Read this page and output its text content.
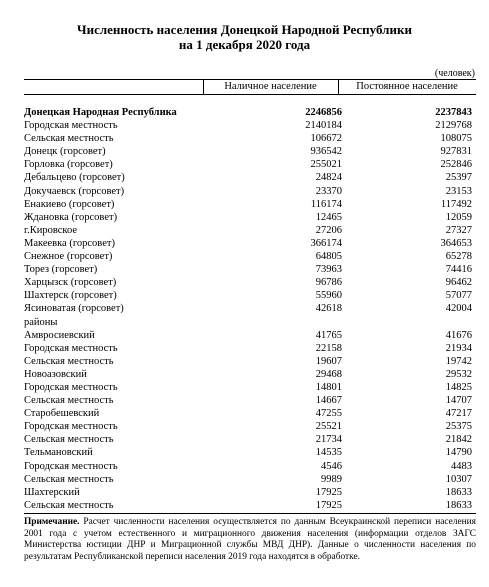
Численность населения Донецкой Народной Республики
на 1 декабря 2020 года
(человек)
Наличное население	Постоянное население
Донецкая Народная Республика	2246856	2237843
Городская местность	2140184	2129768
Сельская местность	106672	108075
Донецк (горсовет)	936542	927831
Горловка (горсовет)	255021	252846
Дебальцево (горсовет)	24824	25397
Докучаевск (горсовет)	23370	23153
Енакиево (горсовет)	116174	117492
Ждановка (горсовет)	12465	12059
г.Кировское	27206	27327
Макеевка (горсовет)	366174	364653
Снежное (горсовет)	64805	65278
Торез (горсовет)	73963	74416
Харцызск (горсовет)	96786	96462
Шахтерск (горсовет)	55960	57077
Ясиноватая (горсовет)	42618	42004
районы
Амвросиевский	41765	41676
Городская местность	22158	21934
Сельская местность	19607	19742
Новоазовский	29468	29532
Городская местность	14801	14825
Сельская местность	14667	14707
Старобешевский	47255	47217
Городская местность	25521	25375
Сельская местность	21734	21842
Тельмановский	14535	14790
Городская местность	4546	4483
Сельская местность	9989	10307
Шахтерский	17925	18633
Сельская местность	17925	18633
Примечание. Расчет численности населения осуществляется по данным Всеукраинской переписи населения 2001 года с учетом естественного и миграционного движения населения (информации отделов ЗАГС Министерства юстиции ДНР и Миграционной службы МВД ДНР). Данные о численности населения по результатам Республиканской переписи населения 2019 года находятся в обработке.
